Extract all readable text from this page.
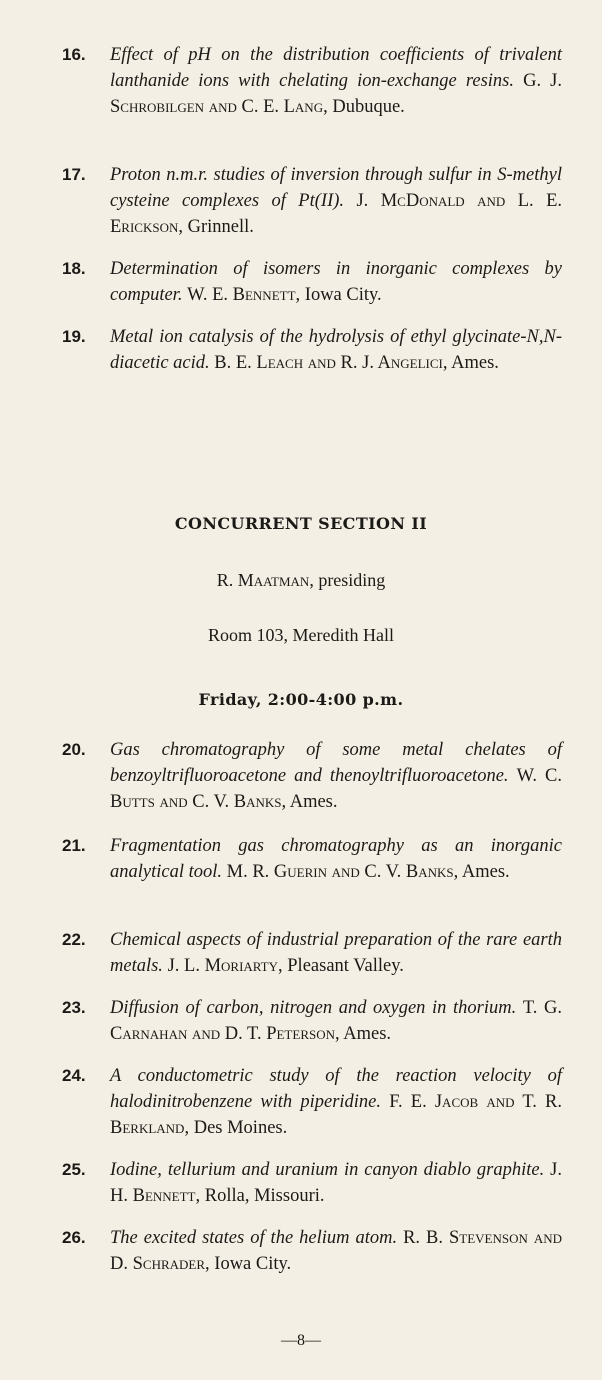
16.	Effect of pH on the distribution coefficients of trivalent lanthanide ions with chelating ion-exchange resins. G. J. Schrobilgen and C. E. Lang, Dubuque.
17.	Proton n.m.r. studies of inversion through sulfur in S-methyl cysteine complexes of Pt(II). J. McDonald and L. E. Erickson, Grinnell.
18.	Determination of isomers in inorganic complexes by computer. W. E. Bennett, Iowa City.
19.	Metal ion catalysis of the hydrolysis of ethyl glycinate-N,N-diacetic acid. B. E. Leach and R. J. Angelici, Ames.
CONCURRENT SECTION II
R. Maatman, presiding
Room 103, Meredith Hall
Friday, 2:00-4:00 p.m.
20.	Gas chromatography of some metal chelates of benzoyltrifluoroacetone and thenoyltrifluoroacetone. W. C. Butts and C. V. Banks, Ames.
21.	Fragmentation gas chromatography as an inorganic analytical tool. M. R. Guerin and C. V. Banks, Ames.
22.	Chemical aspects of industrial preparation of the rare earth metals. J. L. Moriarty, Pleasant Valley.
23.	Diffusion of carbon, nitrogen and oxygen in thorium. T. G. Carnahan and D. T. Peterson, Ames.
24.	A conductometric study of the reaction velocity of halodinitrobenzene with piperidine. F. E. Jacob and T. R. Berkland, Des Moines.
25.	Iodine, tellurium and uranium in canyon diablo graphite. J. H. Bennett, Rolla, Missouri.
26.	The excited states of the helium atom. R. B. Stevenson and D. Schrader, Iowa City.
—8—
